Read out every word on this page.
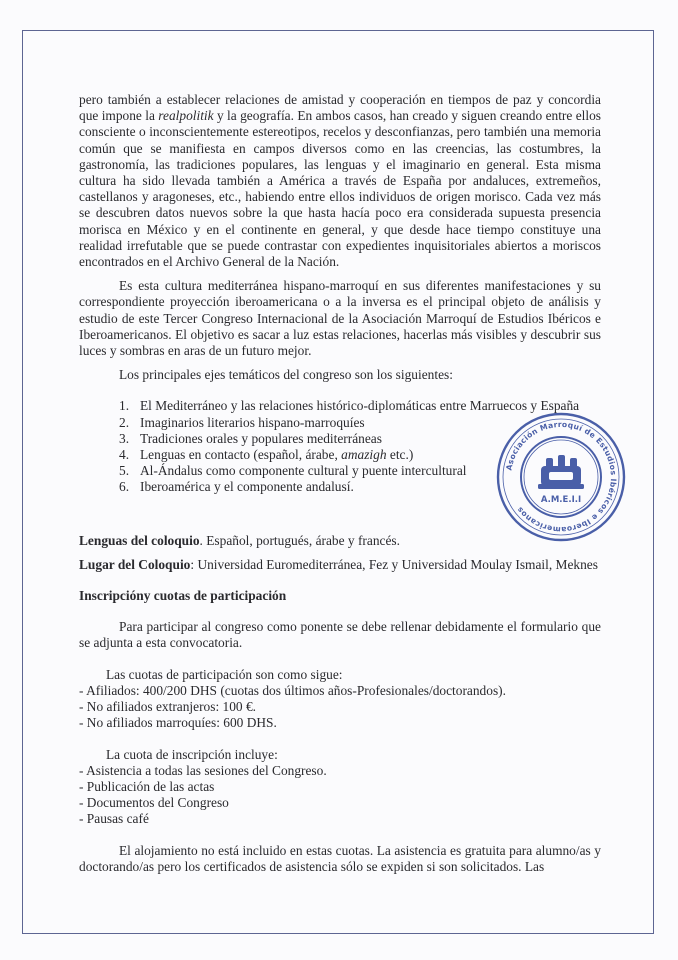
pero también a establecer relaciones de amistad y cooperación en tiempos de paz y concordia que impone la realpolitik y la geografía. En ambos casos, han creado y siguen creando entre ellos consciente o inconscientemente estereotipos, recelos y desconfianzas, pero también una memoria común que se manifiesta en campos diversos como en las creencias, las costumbres, la gastronomía, las tradiciones populares, las lenguas y el imaginario en general. Esta misma cultura ha sido llevada también a América a través de España por andaluces, extremeños, castellanos y aragoneses, etc., habiendo entre ellos individuos de origen morisco. Cada vez más se descubren datos nuevos sobre la que hasta hacía poco era considerada supuesta presencia morisca en México y en el continente en general, y que desde hace tiempo constituye una realidad irrefutable que se puede contrastar con expedientes inquisitoriales abiertos a moriscos encontrados en el Archivo General de la Nación.

Es esta cultura mediterránea hispano-marroquí en sus diferentes manifestaciones y su correspondiente proyección iberoamericana o a la inversa es el principal objeto de análisis y estudio de este Tercer Congreso Internacional de la Asociación Marroquí de Estudios Ibéricos e Iberoamericanos. El objetivo es sacar a luz estas relaciones, hacerlas más visibles y descubrir sus luces y sombras en aras de un futuro mejor.

Los principales ejes temáticos del congreso son los siguientes:

1. El Mediterráneo y las relaciones histórico-diplomáticas entre Marruecos y España
2. Imaginarios literarios hispano-marroquíes
3. Tradiciones orales y populares mediterráneas
4. Lenguas en contacto (español, árabe, amazigh etc.)
5. Al-Ándalus como componente cultural y puente intercultural
6. Iberoamérica y el componente andalusí.

Lenguas del coloquio. Español, portugués, árabe y francés.

Lugar del Coloquio: Universidad Euromediterránea, Fez y Universidad Moulay Ismail, Meknes

Inscripcióny cuotas de participación

Para participar al congreso como ponente se debe rellenar debidamente el formulario que se adjunta a esta convocatoria.

Las cuotas de participación son como sigue:

- Afiliados: 400/200 DHS (cuotas dos últimos años-Profesionales/doctorandos).

- No afiliados extranjeros: 100 €.

- No afiliados marroquíes: 600 DHS.

La cuota de inscripción incluye:

- Asistencia a todas las sesiones del Congreso.

- Publicación de las actas

- Documentos del Congreso

- Pausas café

El alojamiento no está incluido en estas cuotas. La asistencia es gratuita para alumno/as y doctorando/as pero los certificados de asistencia sólo se expiden si son solicitados. Las

Asociación Marroquí de Estudios Ibéricos e Iberoamericanos
A.M.E.I.I
